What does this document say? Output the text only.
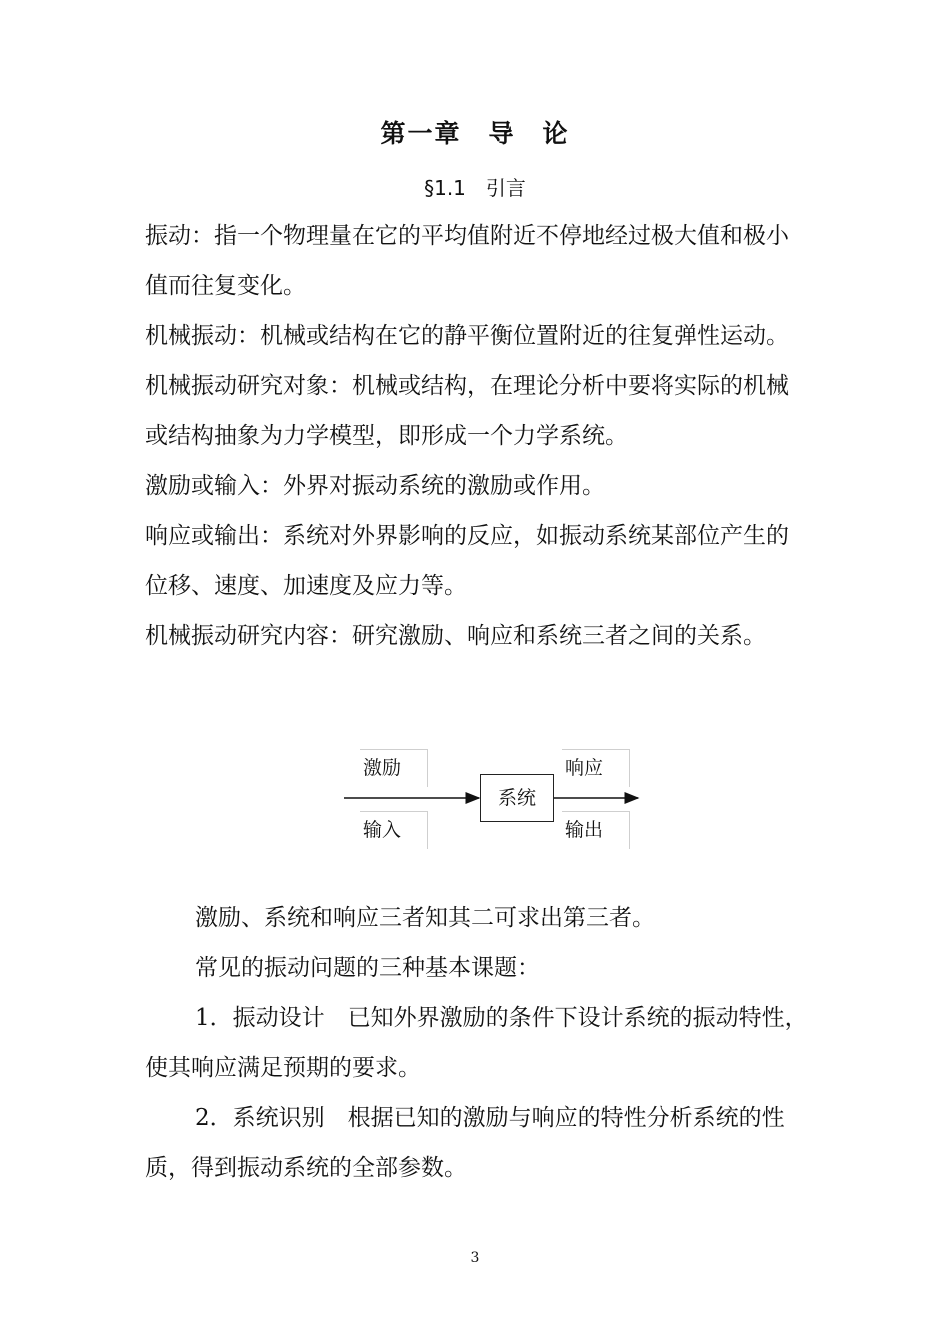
第一章　导　论
§1.1　引言

振动：指一个物理量在它的平均值附近不停地经过极大值和极小值而往复变化。

机械振动：机械或结构在它的静平衡位置附近的往复弹性运动。

机械振动研究对象：机械或结构，在理论分析中要将实际的机械或结构抽象为力学模型，即形成一个力学系统。

激励或输入：外界对振动系统的激励或作用。

响应或输出：系统对外界影响的反应，如振动系统某部位产生的位移、速度、加速度及应力等。

机械振动研究内容：研究激励、响应和系统三者之间的关系。

激励
输入
系统
响应
输出

激励、系统和响应三者知其二可求出第三者。

常见的振动问题的三种基本课题：

1．振动设计　已知外界激励的条件下设计系统的振动特性，使其响应满足预期的要求。

2．系统识别　根据已知的激励与响应的特性分析系统的性质，得到振动系统的全部参数。

3
